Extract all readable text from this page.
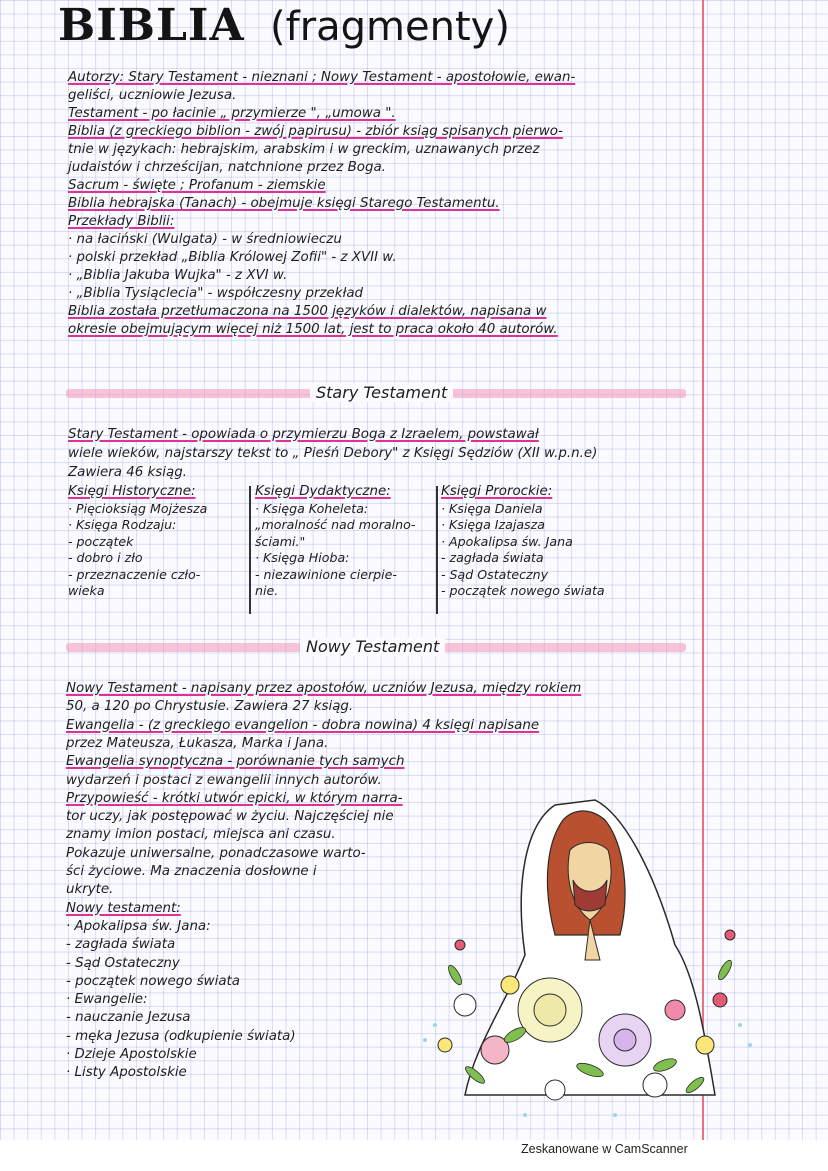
BIBLIA (fragmenty)
Autorzy: Stary Testament - nieznani ; Nowy Testament - apostołowie, ewan-
geliści, uczniowie Jezusa.
Testament - po łacinie „ przymierze ", „umowa ".
Biblia (z greckiego biblion - zwój papirusu) - zbiór ksiąg spisanych pierwo-
tnie w językach: hebrajskim, arabskim i w greckim, uznawanych przez
judaistów i chrześcijan, natchnione przez Boga.
Sacrum - święte ; Profanum - ziemskie
Biblia hebrajska (Tanach) - obejmuje księgi Starego Testamentu.
Przekłady Biblii:
· na łaciński (Wulgata) - w średniowieczu
· polski przekład „Biblia Królowej Zofii" - z XVII w.
· „Biblia Jakuba Wujka" - z XVI w.
· „Biblia Tysiąclecia" - współczesny przekład
Biblia została przetłumaczona na 1500 języków i dialektów, napisana w
okresie obejmującym więcej niż 1500 lat, jest to praca około 40 autorów.
Stary Testament
Stary Testament - opowiada o przymierzu Boga z Izraelem, powstawał
wiele wieków, najstarszy tekst to „ Pieśń Debory" z Księgi Sędziów (XII w.p.n.e)
Zawiera 46 ksiąg.
Księgi Historyczne:
· Pięcioksiąg Mojżesza
· Księga Rodzaju:
- początek
- dobro i zło
- przeznaczenie czło-
wieka
Księgi Dydaktyczne:
· Księga Koheleta:
„moralność nad moralno-
ściami."
· Księga Hioba:
- niezawinione cierpie-
nie.
Księgi Prorockie:
· Księga Daniela
· Księga Izajasza
· Apokalipsa św. Jana
- zagłada świata
- Sąd Ostateczny
- początek nowego świata
Nowy Testament
Nowy Testament - napisany przez apostołów, uczniów Jezusa, między rokiem
50, a 120 po Chrystusie. Zawiera 27 ksiąg.
Ewangelia - (z greckiego evangelion - dobra nowina) 4 księgi napisane
przez Mateusza, Łukasza, Marka i Jana.
Ewangelia synoptyczna - porównanie tych samych
wydarzeń i postaci z ewangelii innych autorów.
Przypowieść - krótki utwór epicki, w którym narra-
tor uczy, jak postępować w życiu. Najczęściej nie
znamy imion postaci, miejsca ani czasu.
Pokazuje uniwersalne, ponadczasowe warto-
ści życiowe. Ma znaczenia dosłowne i
ukryte.
Nowy testament:
· Apokalipsa św. Jana:
- zagłada świata
- Sąd Ostateczny
- początek nowego świata
· Ewangelie:
- nauczanie Jezusa
- męka Jezusa (odkupienie świata)
· Dzieje Apostolskie
· Listy Apostolskie
Zeskanowane w CamScanner
